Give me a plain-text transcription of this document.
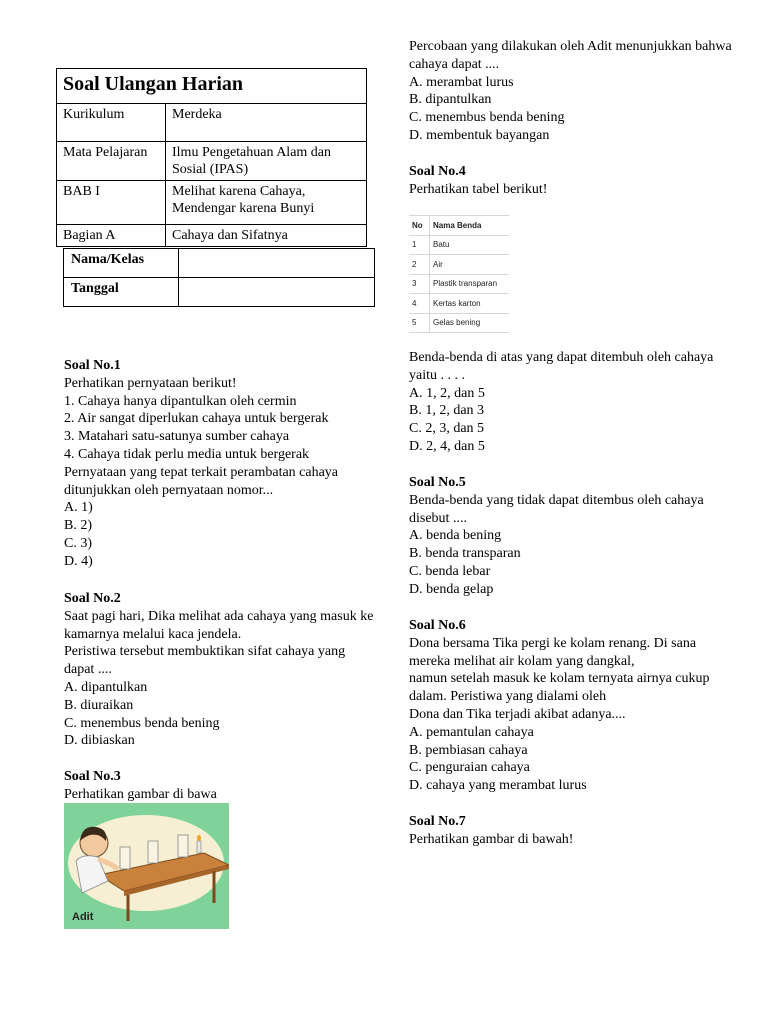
Soal Ulangan Harian	
Kurikulum	Merdeka
Mata Pelajaran	Ilmu Pengetahuan Alam dan Sosial (IPAS)
BAB I	Melihat karena Cahaya, Mendengar karena Bunyi
Bagian A	Cahaya dan Sifatnya
Nama/Kelas	
Tanggal	

Soal No.1

Perhatikan pernyataan berikut!

1. Cahaya hanya dipantulkan oleh cermin

2. Air sangat diperlukan cahaya untuk bergerak

3. Matahari satu-satunya sumber cahaya

4. Cahaya tidak perlu media untuk bergerak

Pernyataan yang tepat terkait perambatan cahaya ditunjukkan oleh pernyataan nomor...

A. 1)

B. 2)

C. 3)

D. 4)

Soal No.2

Saat pagi hari, Dika melihat ada cahaya yang masuk ke kamarnya melalui kaca jendela.

Peristiwa tersebut membuktikan sifat cahaya yang dapat ....

A. dipantulkan

B. diuraikan

C. menembus benda bening

D. dibiaskan

Soal No.3

Perhatikan gambar di bawa

Adit

Percobaan yang dilakukan oleh Adit menunjukkan bahwa cahaya dapat ....

A. merambat lurus

B. dipantulkan

C. menembus benda bening

D. membentuk bayangan

Soal No.4

Perhatikan tabel berikut!

No	Nama Benda
1	Batu
2	Air
3	Plastik transparan
4	Kertas karton
5	Gelas bening

Benda-benda di atas yang dapat ditembuh oleh cahaya yaitu . . . .

A. 1, 2, dan 5

B. 1, 2, dan 3

C. 2, 3, dan 5

D. 2, 4, dan 5

Soal No.5

Benda-benda yang tidak dapat ditembus oleh cahaya disebut ....

A. benda bening

B. benda transparan

C. benda lebar

D. benda gelap

Soal No.6

Dona bersama Tika pergi ke kolam renang. Di sana mereka melihat air kolam yang dangkal,

namun setelah masuk ke kolam ternyata airnya cukup dalam. Peristiwa yang dialami oleh

Dona dan Tika terjadi akibat adanya....

A. pemantulan cahaya

B. pembiasan cahaya

C. penguraian cahaya

D. cahaya yang merambat lurus

Soal No.7

Perhatikan gambar di bawah!
